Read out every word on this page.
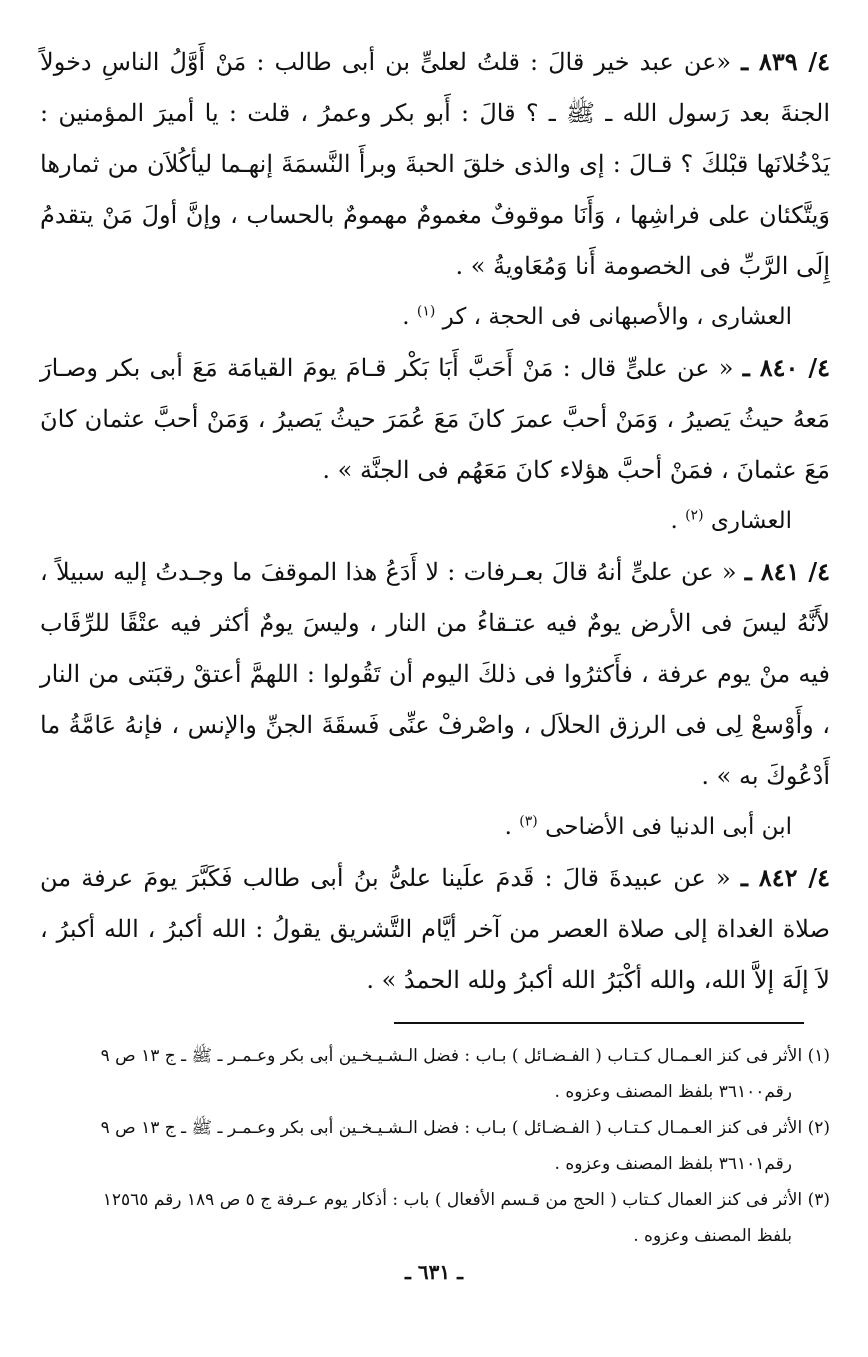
٤/ ٨٣٩ ـ «عن عبد خير قالَ : قلتُ لعلىٍّ بن أبى طالب : مَنْ أَوَّلُ الناسِ دخولاً الجنةَ بعد رَسول الله ـ ﷺ ـ ؟ قالَ : أَبو بكر وعمرُ ، قلت : يا أميرَ المؤمنين : يَدْخُلانَها قبْلكَ ؟ قـالَ : إى والذى خلقَ الحبةَ وبرأَ النَّسمَةَ إنهـما ليأكُلاَن من ثمارها وَيتَّكئان على فراشِها ، وَأَنَا موقوفٌ مغمومٌ مهمومٌ بالحساب ، وإنَّ أولَ مَنْ يتقدمُ إِلَى الرَّبِّ فى الخصومة أَنا وَمُعَاويةُ » .

العشارى ، والأصبهانى فى الحجة ، كر $^{(١)}$ .

٤/ ٨٤٠ ـ « عن علىٍّ قال : مَنْ أَحَبَّ أَبَا بَكْر قـامَ يومَ القيامَة مَعَ أبى بكر وصـارَ مَعهُ حيثُ يَصيرُ ، وَمَنْ أحبَّ عمرَ كانَ مَعَ عُمَرَ حيثُ يَصيرُ ، وَمَنْ أحبَّ عثمان كانَ مَعَ عثمانَ ، فمَنْ أحبَّ هؤلاء كانَ مَعَهُم فى الجنَّة » .

العشارى $^{(٢)}$ .

٤/ ٨٤١ ـ « عن علىٍّ أنهُ قالَ بعـرفات : لا أَدَعُ هذا الموقفَ ما وجـدتُ إليه سبيلاً ، لأَنَّهُ ليسَ فى الأرض يومٌ فيه عتـقاءُ من النار ، وليسَ يومٌ أكثر فيه عتْقًا للرِّقَاب فيه منْ يوم عرفة ، فأَكثرُوا فى ذلكَ اليوم أن تَقُولوا : اللهمَّ أعتقْ رقبَتى من النار ، وأَوْسعْ لِى فى الرزق الحلاَل ، واصْرفْ عنِّى فَسقَةَ الجنِّ والإنس ، فإنهُ عَامَّةُ ما أَدْعُوكَ به » .

ابن أبى الدنيا فى الأضاحى $^{(٣)}$ .

٤/ ٨٤٢ ـ « عن عبيدةَ قالَ : قَدمَ علَينا علىُّ بنُ أبى طالب فَكَبَّرَ يومَ عرفة من صلاة الغداة إلى صلاة العصر من آخر أيَّام التَّشريق يقولُ : الله أكبرُ ، الله أكبرُ ، لاَ إلَهَ إلاَّ الله، والله أكْبَرُ الله أكبرُ ولله الحمدُ » .

(١) الأثر فى كنز العـمـال كـتـاب ( الفـضـائل ) بـاب : فضل الـشـيـخـين أبى بكر وعـمـر ـ ﷺ ـ ج ١٣ ص ٩
رقم٣٦١٠٠ بلفظ المصنف وعزوه .

(٢) الأثر فى كنز العـمـال كـتـاب ( الفـضـائل ) بـاب : فضل الـشـيـخـين أبى بكر وعـمـر ـ ﷺ ـ ج ١٣ ص ٩
رقم٣٦١٠١ بلفظ المصنف وعزوه .

(٣) الأثر فى كنز العمال كـتاب ( الحج من قـسم الأفعال ) باب : أذكار يوم عـرفة ج ٥ ص ١٨٩ رقم ١٢٥٦٥
بلفظ المصنف وعزوه .

ـ ٦٣١ ـ
